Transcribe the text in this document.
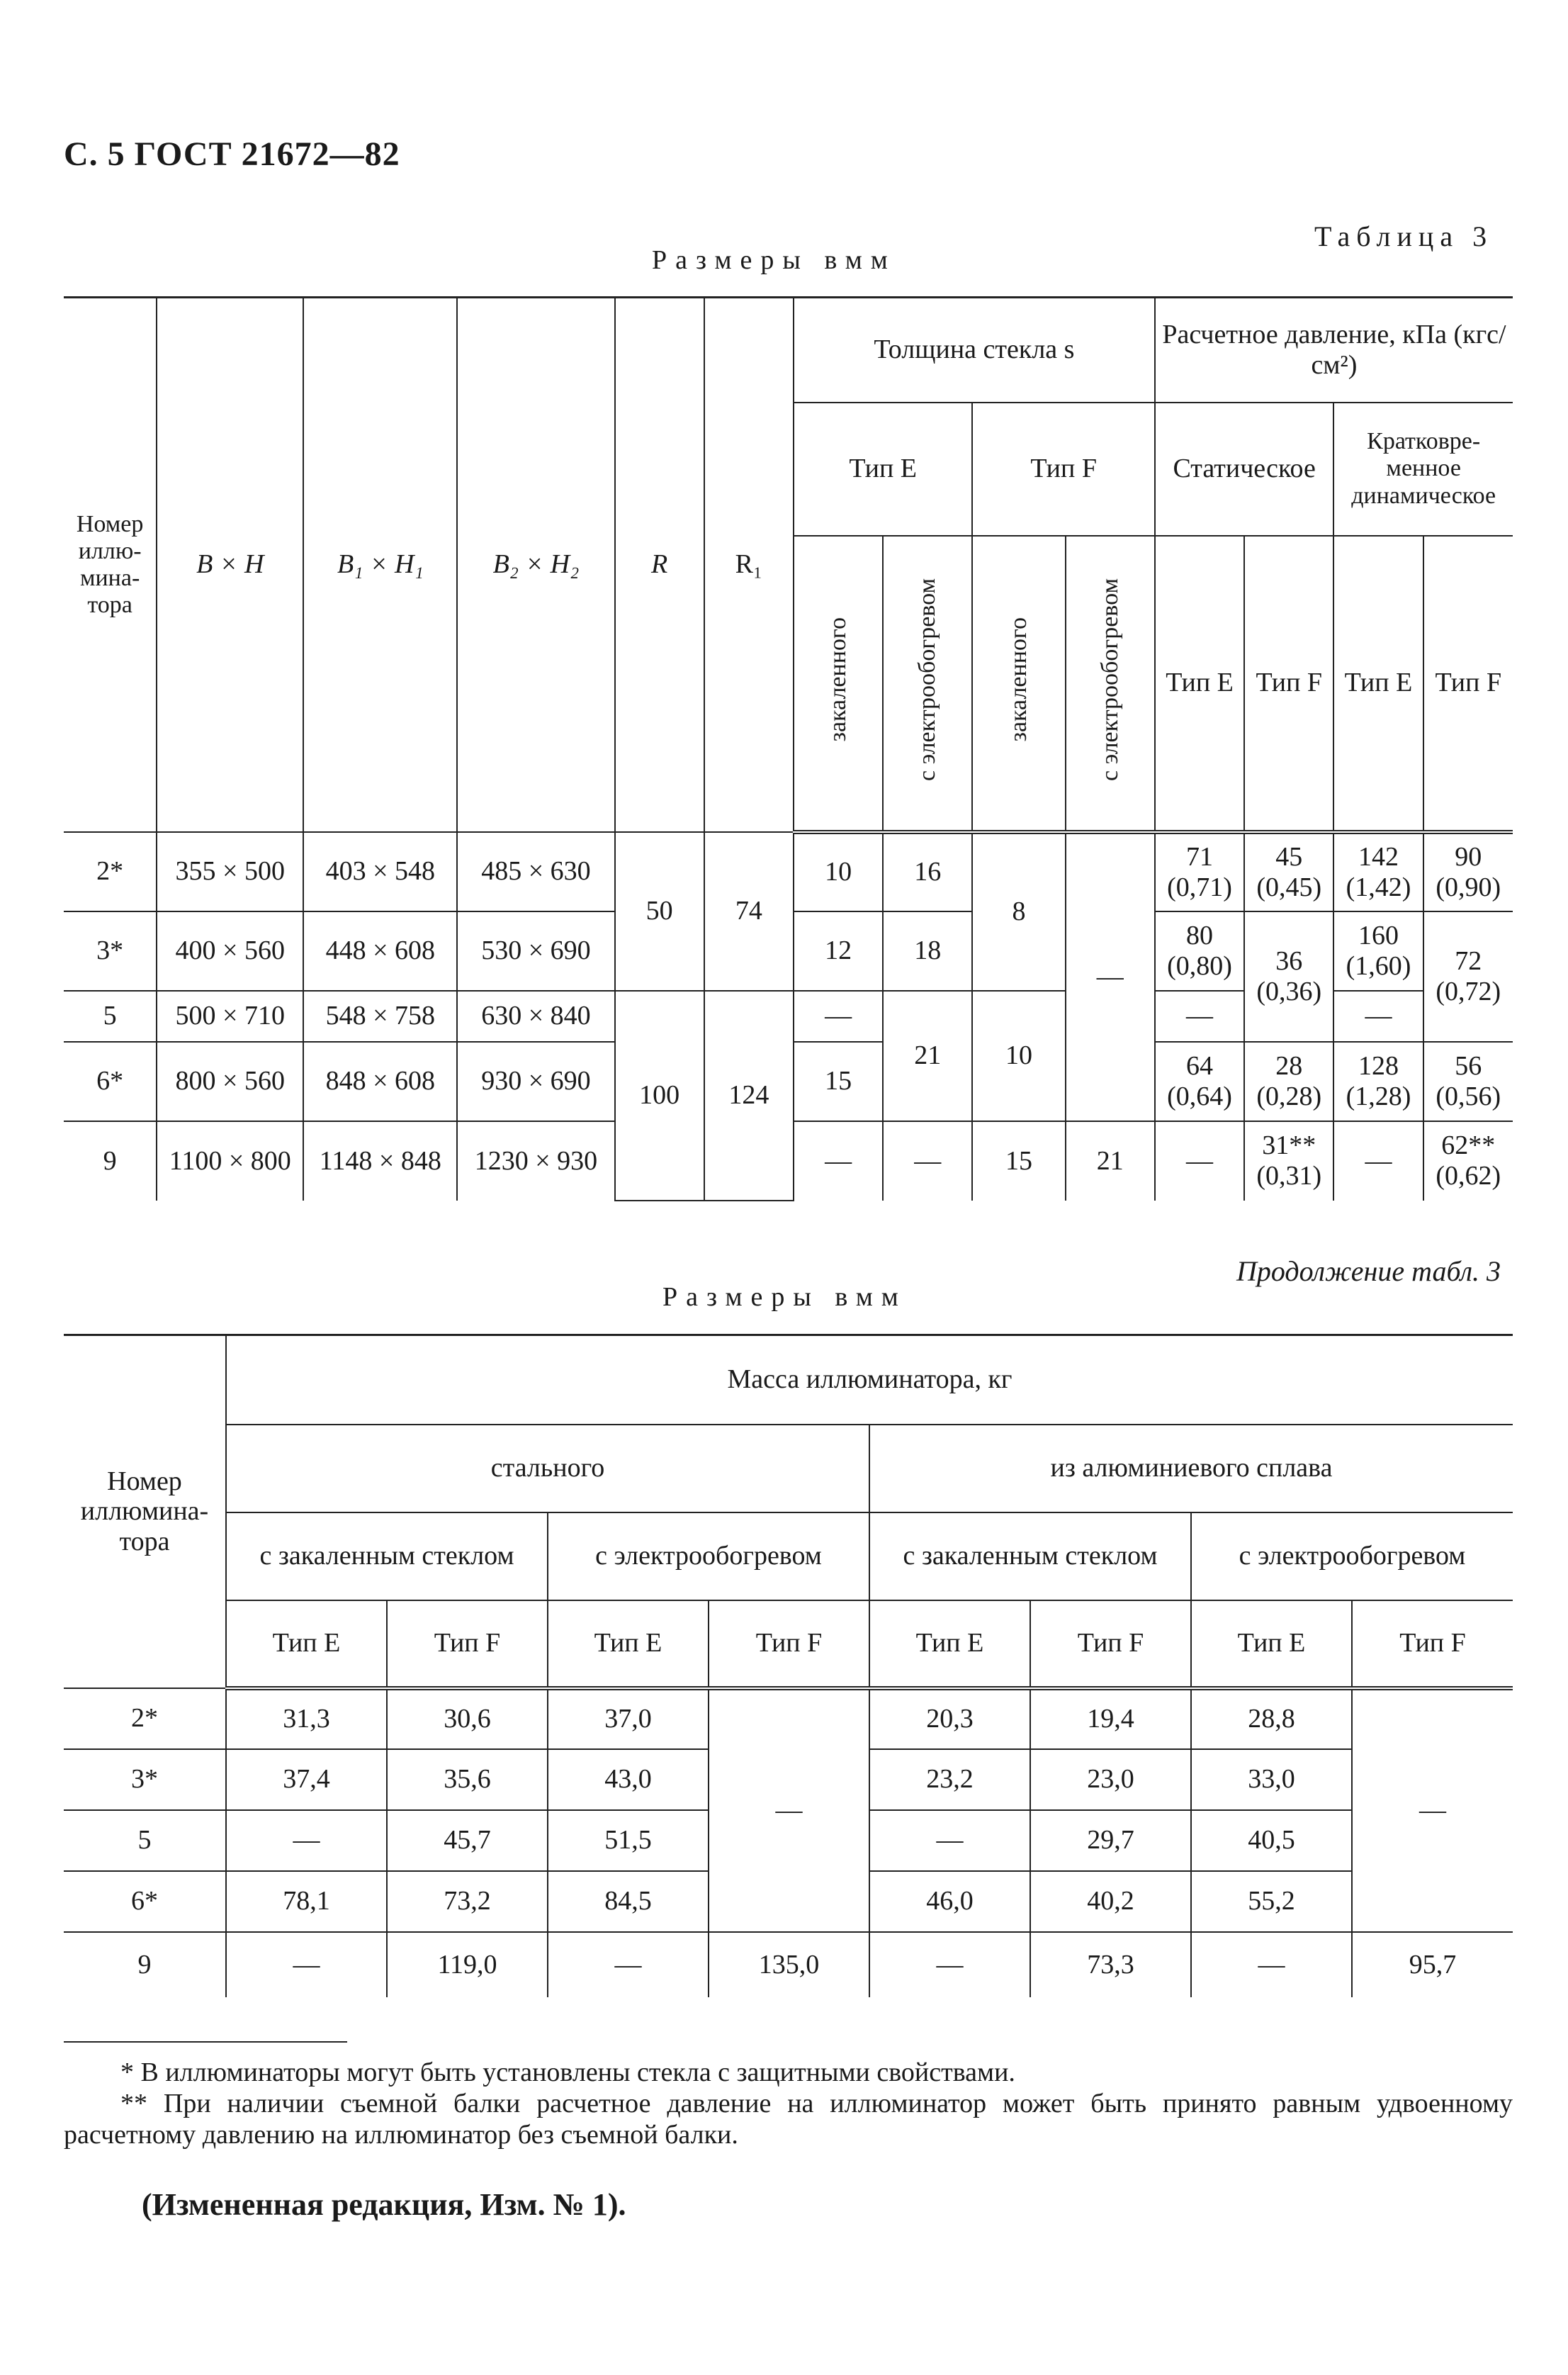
С. 5 ГОСТ 21672—82
Размеры вмм
Таблица 3
Номер иллю- мина- тора	B × H	B₁ × H₁	B₂ × H₂	R	R₁	Толщина стекла s				Расчетное давление, кПа (кгс/см²)			
						Тип E		Тип F		Статическое		Кратковре- менное динамическое	
						закаленного	с электрообогревом	закаленного	с электрообогревом	Тип E	Тип F	Тип E	Тип F
2*	355 × 500	403 × 548	485 × 630	50	74	10	16	8	—	71 (0,71)	45 (0,45)	142 (1,42)	90 (0,90)
3*	400 × 560	448 × 608	530 × 690			12	18			80 (0,80)	36 (0,36)	160 (1,60)	72 (0,72)
5	500 × 710	548 × 758	630 × 840	100	124	—	21	10		—		—	
6*	800 × 560	848 × 608	930 × 690			15				64 (0,64)	28 (0,28)	128 (1,28)	56 (0,56)
9	1100 × 800	1148 × 848	1230 × 930			—	—	15	21	—	31** (0,31)	—	62** (0,62)
Размеры вмм
Продолжение табл. 3
Номер иллюмина- тора	Масса иллюминатора, кг							
	стального				из алюминиевого сплава			
	с закаленным стеклом		с электрообогревом		с закаленным стеклом		с электрообогревом	
	Тип E	Тип F	Тип E	Тип F	Тип E	Тип F	Тип E	Тип F
2*	31,3	30,6	37,0	—	20,3	19,4	28,8	—
3*	37,4	35,6	43,0		23,2	23,0	33,0	
5	—	45,7	51,5		—	29,7	40,5	
6*	78,1	73,2	84,5		46,0	40,2	55,2	
9	—	119,0	—	135,0	—	73,3	—	95,7
* В иллюминаторы могут быть установлены стекла с защитными свойствами.
** При наличии съемной балки расчетное давление на иллюминатор может быть принято равным удвоенному расчетному давлению на иллюминатор без съемной балки.
(Измененная редакция, Изм. № 1).
